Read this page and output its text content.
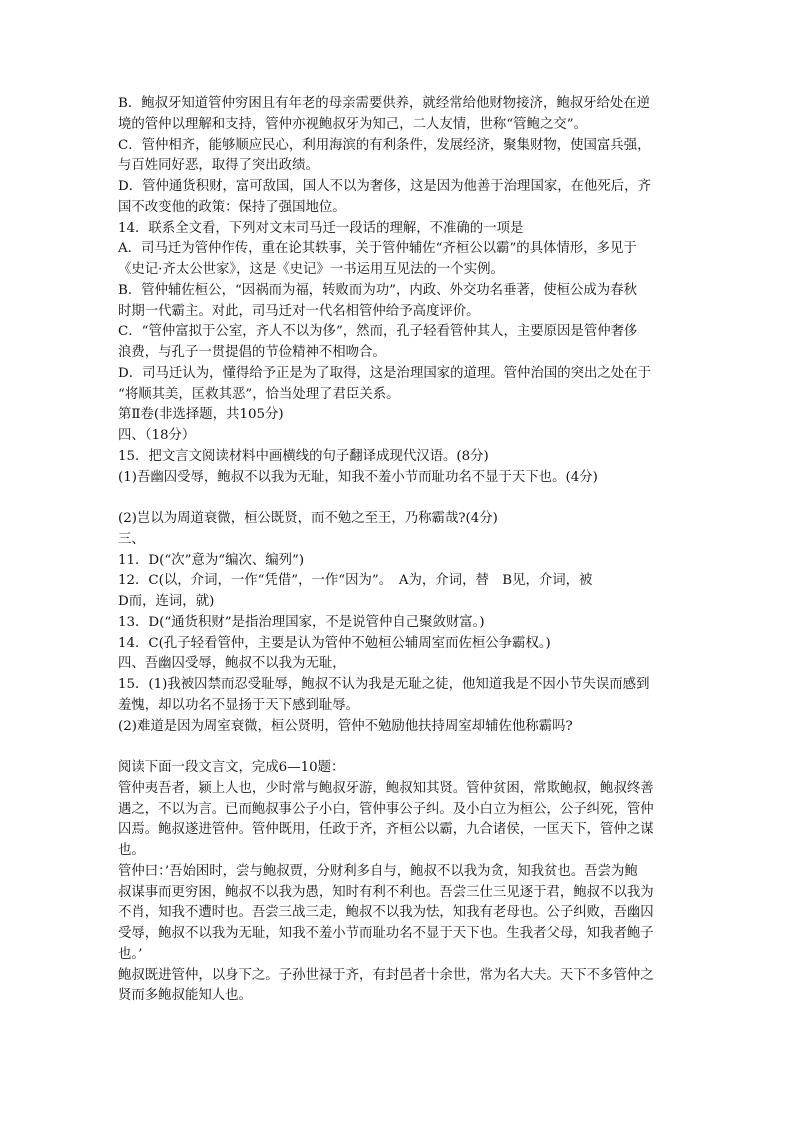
B．鲍叔牙知道管仲穷困且有年老的母亲需要供养，就经常给他财物接济，鲍叔牙给处在逆
境的管仲以理解和支持，管仲亦视鲍叔牙为知己，二人友情，世称“管鲍之交”。
C．管仲相齐，能够顺应民心，利用海滨的有利条件，发展经济，聚集财物，使国富兵强，
与百姓同好恶，取得了突出政绩。
D．管仲通货积财，富可敌国，国人不以为奢侈，这是因为他善于治理国家，在他死后，齐
国不改变他的政策：保持了强国地位。
14．联系全文看，下列对文末司马迁一段话的理解，不准确的一项是
A．司马迁为管仲作传，重在论其轶事，关于管仲辅佐“齐桓公以霸”的具体情形，多见于
《史记·齐太公世家》，这是《史记》一书运用互见法的一个实例。
B．管仲辅佐桓公，“因祸而为福，转败而为功”，内政、外交功名垂著，使桓公成为春秋
时期一代霸主。对此，司马迁对一代名相管仲给予高度评价。
C．“管仲富拟于公室，齐人不以为侈”，然而，孔子轻看管仲其人，主要原因是管仲奢侈
浪费，与孔子一贯提倡的节俭精神不相吻合。
D．司马迁认为，懂得给予正是为了取得，这是治理国家的道理。管仲治国的突出之处在于
“将顺其美，匡救其恶”，恰当处理了君臣关系。
第Ⅱ卷(非选择题，共105分)
四、（18分）
15．把文言文阅读材料中画横线的句子翻译成现代汉语。(8分)
(1)吾幽囚受辱，鲍叔不以我为无耻，知我不羞小节而耻功名不显于天下也。(4分)
(2)岂以为周道衰微，桓公既贤，而不勉之至王，乃称霸哉?(4分)
三、
11．D(“次”意为“编次、编列”)
12．C(以，介词，一作“凭借”，一作“因为”。　A为，介词，替　B见，介词，被
D而，连词，就)
13．D(“通货积财”是指治理国家，不是说管仲自己聚敛财富。)
14．C(孔子轻看管仲，主要是认为管仲不勉桓公辅周室而佐桓公争霸权。)
四、吾幽囚受辱，鲍叔不以我为无耻，
15．(1)我被囚禁而忍受耻辱，鲍叔不认为我是无耻之徒，他知道我是不因小节失误而感到
羞愧，却以功名不显扬于天下感到耻辱。
(2)难道是因为周室衰微，桓公贤明，管仲不勉励他扶持周室却辅佐他称霸吗?
阅读下面一段文言文，完成6—10题：
管仲夷吾者，颍上人也，少时常与鲍叔牙游，鲍叔知其贤。管仲贫困，常欺鲍叔，鲍叔终善
遇之，不以为言。已而鲍叔事公子小白，管仲事公子纠。及小白立为桓公，公子纠死，管仲
囚焉。鲍叔遂进管仲。管仲既用，任政于齐，齐桓公以霸，九合诸侯，一匡天下，管仲之谋
也。
管仲曰：’吾始困时，尝与鲍叔贾，分财利多自与，鲍叔不以我为贪，知我贫也。吾尝为鲍
叔谋事而更穷困，鲍叔不以我为愚，知时有利不利也。吾尝三仕三见逐于君，鲍叔不以我为
不肖，知我不遭时也。吾尝三战三走，鲍叔不以我为怯，知我有老母也。公子纠败，吾幽囚
受辱，鲍叔不以我为无耻，知我不羞小节而耻功名不显于天下也。生我者父母，知我者鲍子
也。’
鲍叔既进管仲，以身下之。子孙世禄于齐，有封邑者十余世，常为名大夫。天下不多管仲之
贤而多鲍叔能知人也。
